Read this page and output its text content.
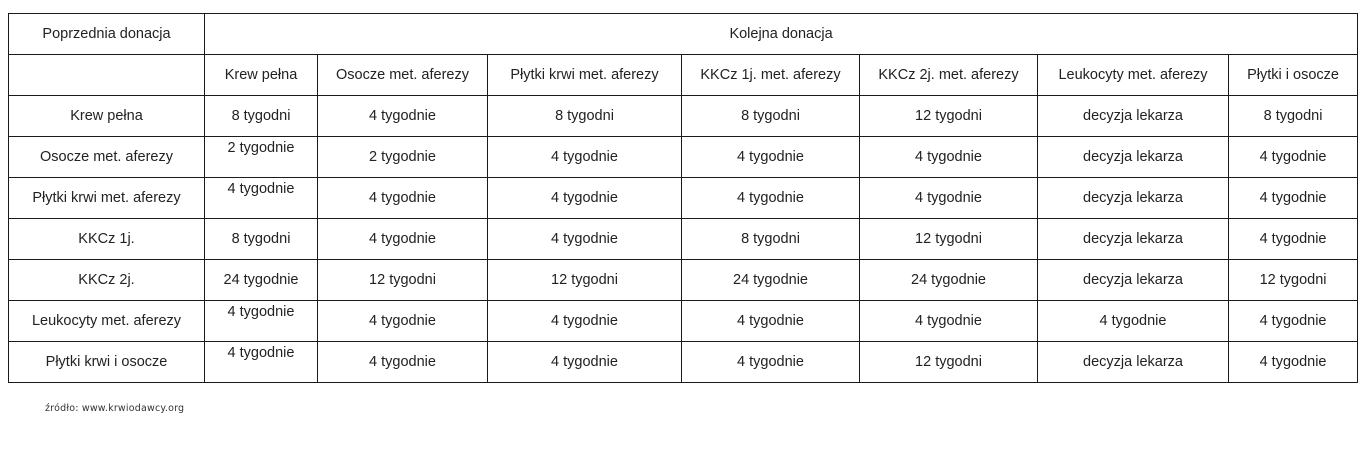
Poprzednia donacja	Kolejna donacja						
	Krew pełna	Osocze met. aferezy	Płytki krwi met. aferezy	KKCz 1j. met. aferezy	KKCz 2j. met. aferezy	Leukocyty met. aferezy	Płytki i osocze
Krew pełna	8 tygodni	4 tygodnie	8 tygodni	8 tygodni	12 tygodni	decyzja lekarza	8 tygodni
Osocze met. aferezy	2 tygodnie	2 tygodnie	4 tygodnie	4 tygodnie	4 tygodnie	decyzja lekarza	4 tygodnie
Płytki krwi met. aferezy	4 tygodnie	4 tygodnie	4 tygodnie	4 tygodnie	4 tygodnie	decyzja lekarza	4 tygodnie
KKCz 1j.	8 tygodni	4 tygodnie	4 tygodnie	8 tygodni	12 tygodni	decyzja lekarza	4 tygodnie
KKCz 2j.	24 tygodnie	12 tygodni	12 tygodni	24 tygodnie	24 tygodnie	decyzja lekarza	12 tygodni
Leukocyty met. aferezy	4 tygodnie	4 tygodnie	4 tygodnie	4 tygodnie	4 tygodnie	4 tygodnie	4 tygodnie
Płytki krwi i osocze	4 tygodnie	4 tygodnie	4 tygodnie	4 tygodnie	12 tygodni	decyzja lekarza	4 tygodnie
źródło: www.krwiodawcy.org
